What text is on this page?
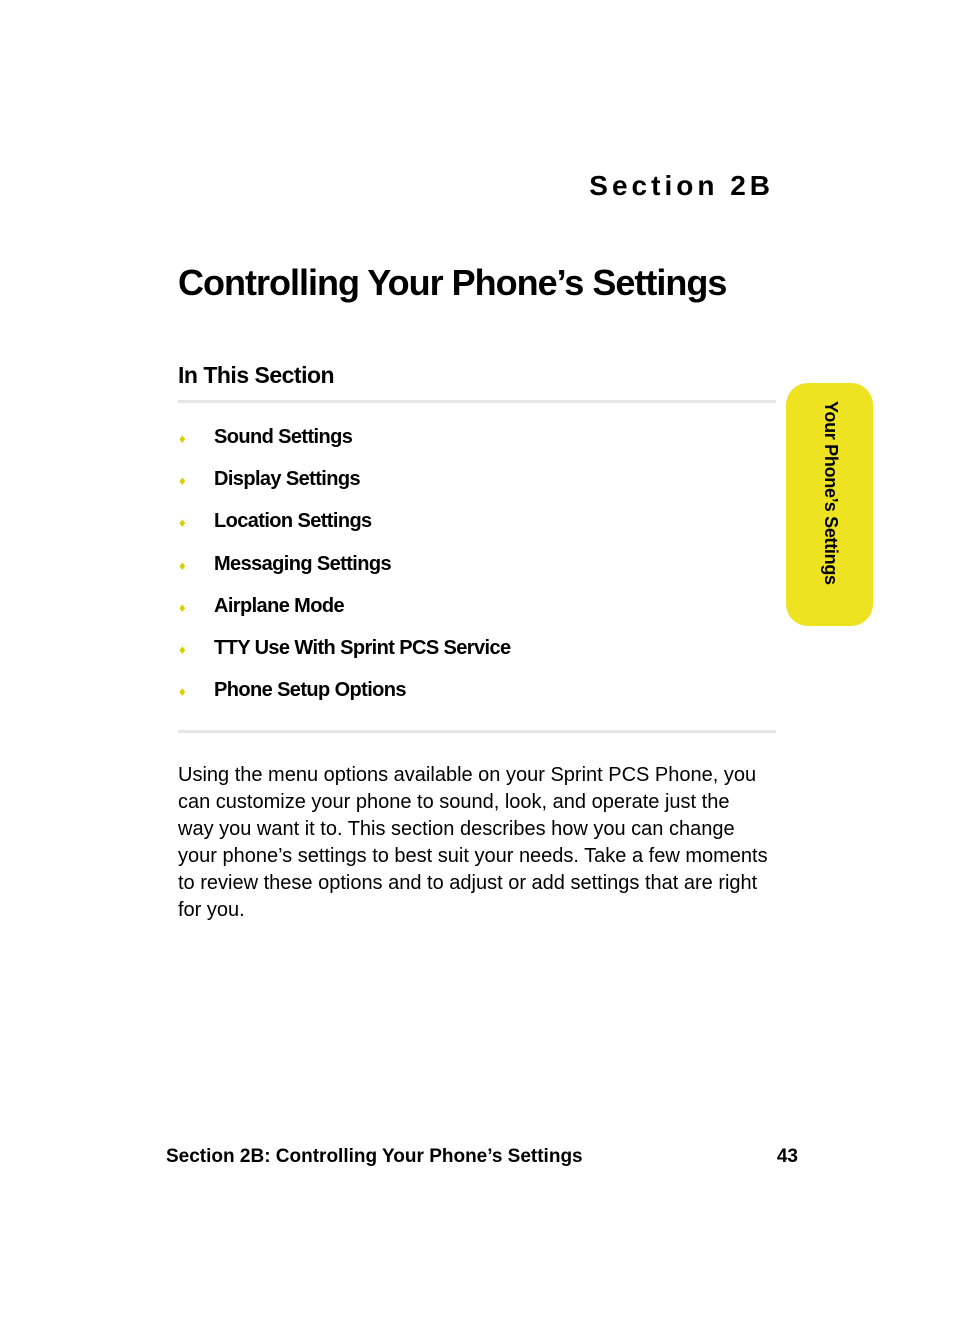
Section 2B
Controlling Your Phone’s Settings
In This Section
♦	Sound Settings
♦	Display Settings
♦	Location Settings
♦	Messaging Settings
♦	Airplane Mode
♦	TTY Use With Sprint PCS Service
♦	Phone Setup Options

Using the menu options available on your Sprint PCS Phone, you can customize your phone to sound, look, and operate just the way you want it to. This section describes how you can change your phone’s settings to best suit your needs. Take a few moments to review these options and to adjust or add settings that are right for you.

Your Phone’s Settings
Section 2B: Controlling Your Phone’s Settings	43
